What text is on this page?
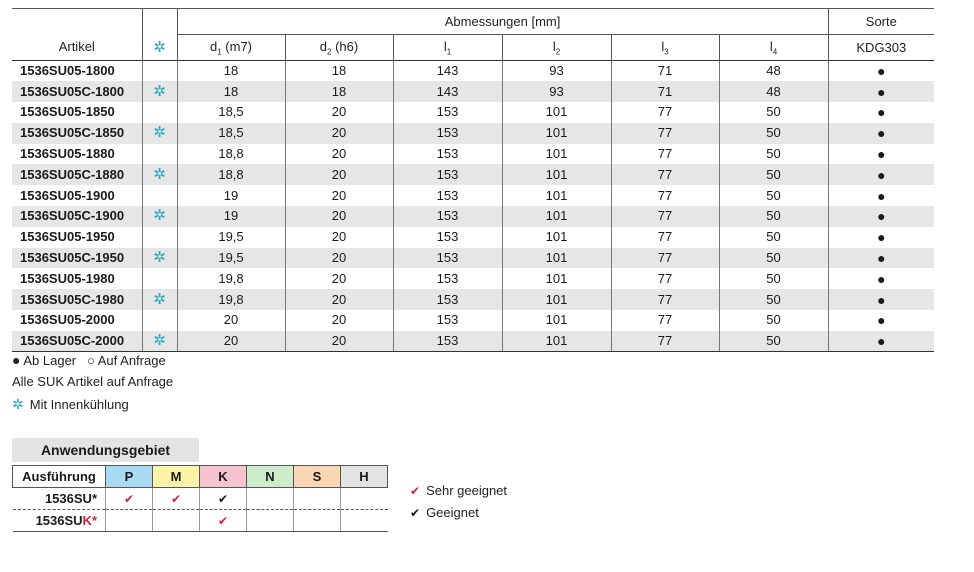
Artikel	✲	Abmessungen [mm]						Sorte
		$d_1$ (m7)	$d_2$ (h6)	$l_1$	$l_2$	$l_3$	$l_4$	KDG303
1536SU05-1800		18	18	143	93	71	48	●
1536SU05C-1800	✲	18	18	143	93	71	48	●
1536SU05-1850		18,5	20	153	101	77	50	●
1536SU05C-1850	✲	18,5	20	153	101	77	50	●
1536SU05-1880		18,8	20	153	101	77	50	●
1536SU05C-1880	✲	18,8	20	153	101	77	50	●
1536SU05-1900		19	20	153	101	77	50	●
1536SU05C-1900	✲	19	20	153	101	77	50	●
1536SU05-1950		19,5	20	153	101	77	50	●
1536SU05C-1950	✲	19,5	20	153	101	77	50	●
1536SU05-1980		19,8	20	153	101	77	50	●
1536SU05C-1980	✲	19,8	20	153	101	77	50	●
1536SU05-2000		20	20	153	101	77	50	●
1536SU05C-2000	✲	20	20	153	101	77	50	●
● Ab Lager ○ Auf Anfrage
Alle SUK Artikel auf Anfrage
✲ Mit Innenkühlung
Anwendungsgebiet
Ausführung	P	M	K	N	S	H
1536SU*	✔	✔	✔			
1536SUK*			✔			
✔ Sehr geeignet
✔ Geeignet
